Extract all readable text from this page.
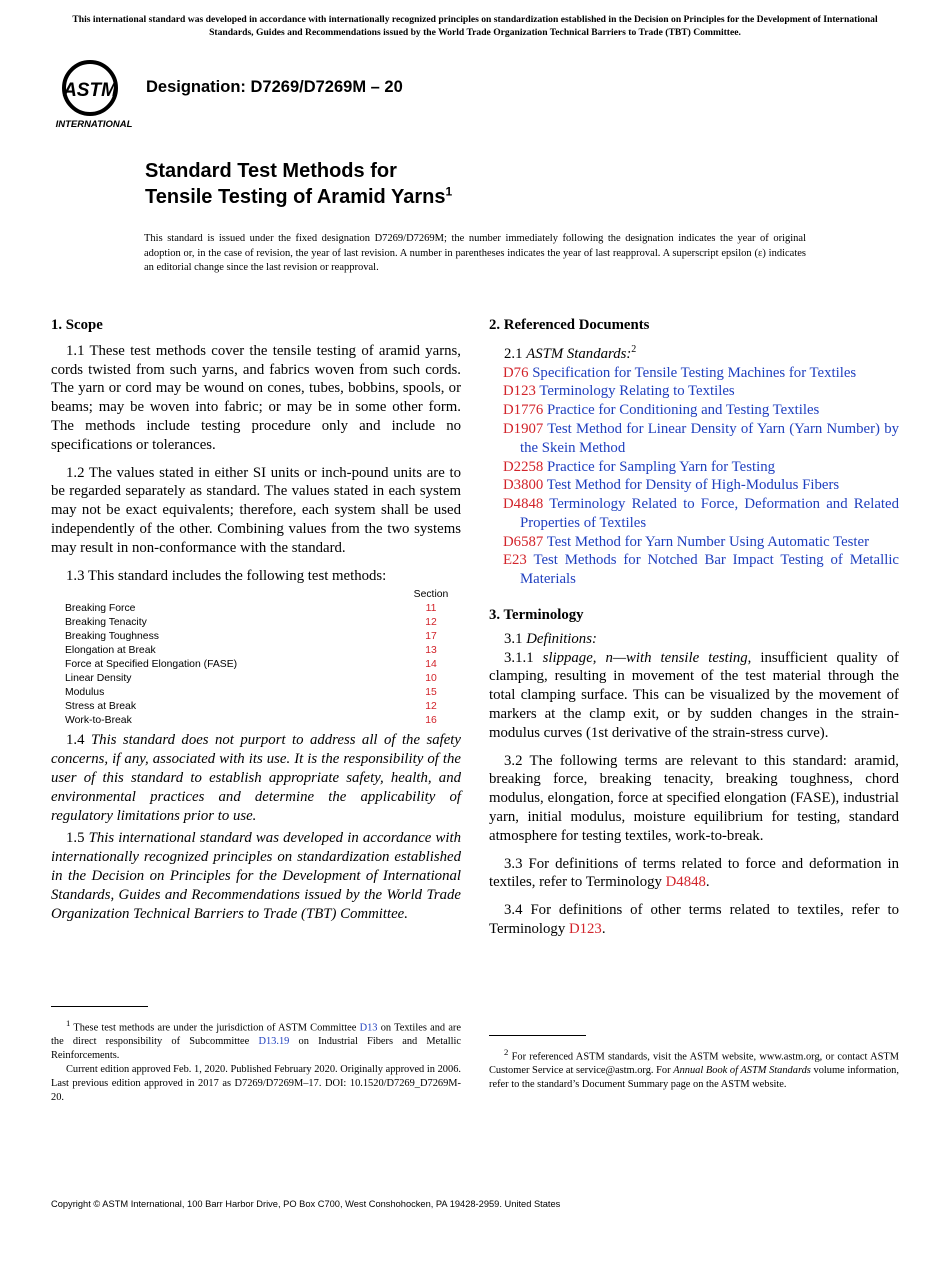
This international standard was developed in accordance with internationally recognized principles on standardization established in the Decision on Principles for the Development of International Standards, Guides and Recommendations issued by the World Trade Organization Technical Barriers to Trade (TBT) Committee.
ASTM
INTERNATIONAL
Designation: D7269/D7269M – 20
Standard Test Methods for
Tensile Testing of Aramid Yarns$^1$
This standard is issued under the fixed designation D7269/D7269M; the number immediately following the designation indicates the year of original adoption or, in the case of revision, the year of last revision. A number in parentheses indicates the year of last reapproval. A superscript epsilon (ε) indicates an editorial change since the last revision or reapproval.
1. Scope

1.1 These test methods cover the tensile testing of aramid yarns, cords twisted from such yarns, and fabrics woven from such cords. The yarn or cord may be wound on cones, tubes, bobbins, spools, or beams; may be woven into fabric; or may be in some other form. The methods include testing procedure only and include no specifications or tolerances.

1.2 The values stated in either SI units or inch-pound units are to be regarded separately as standard. The values stated in each system may not be exact equivalents; therefore, each system shall be used independently of the other. Combining values from the two systems may result in non-conformance with the standard.

1.3 This standard includes the following test methods:

	Section
Breaking Force	11
Breaking Tenacity	12
Breaking Toughness	17
Elongation at Break	13
Force at Specified Elongation (FASE)	14
Linear Density	10
Modulus	15
Stress at Break	12
Work-to-Break	16

1.4 This standard does not purport to address all of the safety concerns, if any, associated with its use. It is the responsibility of the user of this standard to establish appropriate safety, health, and environmental practices and determine the applicability of regulatory limitations prior to use.

1.5 This international standard was developed in accordance with internationally recognized principles on standardization established in the Decision on Principles for the Development of International Standards, Guides and Recommendations issued by the World Trade Organization Technical Barriers to Trade (TBT) Committee.

$^1$ These test methods are under the jurisdiction of ASTM Committee D13 on Textiles and are the direct responsibility of Subcommittee D13.19 on Industrial Fibers and Metallic Reinforcements.

Current edition approved Feb. 1, 2020. Published February 2020. Originally approved in 2006. Last previous edition approved in 2017 as D7269/D7269M–17. DOI: 10.1520/D7269_D7269M-20.

2. Referenced Documents

2.1 ASTM Standards:$^2$

D76 Specification for Tensile Testing Machines for Textiles
D123 Terminology Relating to Textiles
D1776 Practice for Conditioning and Testing Textiles
D1907 Test Method for Linear Density of Yarn (Yarn Number) by the Skein Method
D2258 Practice for Sampling Yarn for Testing
D3800 Test Method for Density of High-Modulus Fibers
D4848 Terminology Related to Force, Deformation and Related Properties of Textiles
D6587 Test Method for Yarn Number Using Automatic Tester
E23 Test Methods for Notched Bar Impact Testing of Metallic Materials
3. Terminology

3.1 Definitions:

3.1.1 slippage, n—with tensile testing, insufficient quality of clamping, resulting in movement of the test material through the total clamping surface. This can be visualized by the movement of markers at the clamp exit, or by sudden changes in the strain-modulus curves (1st derivative of the strain-stress curve).

3.2 The following terms are relevant to this standard: aramid, breaking force, breaking tenacity, breaking toughness, chord modulus, elongation, force at specified elongation (FASE), industrial yarn, initial modulus, moisture equilibrium for testing, standard atmosphere for testing textiles, work-to-break.

3.3 For definitions of terms related to force and deformation in textiles, refer to Terminology D4848.

3.4 For definitions of other terms related to textiles, refer to Terminology D123.

$^2$ For referenced ASTM standards, visit the ASTM website, www.astm.org, or contact ASTM Customer Service at service@astm.org. For Annual Book of ASTM Standards volume information, refer to the standard’s Document Summary page on the ASTM website.

Copyright © ASTM International, 100 Barr Harbor Drive, PO Box C700, West Conshohocken, PA 19428-2959. United States
